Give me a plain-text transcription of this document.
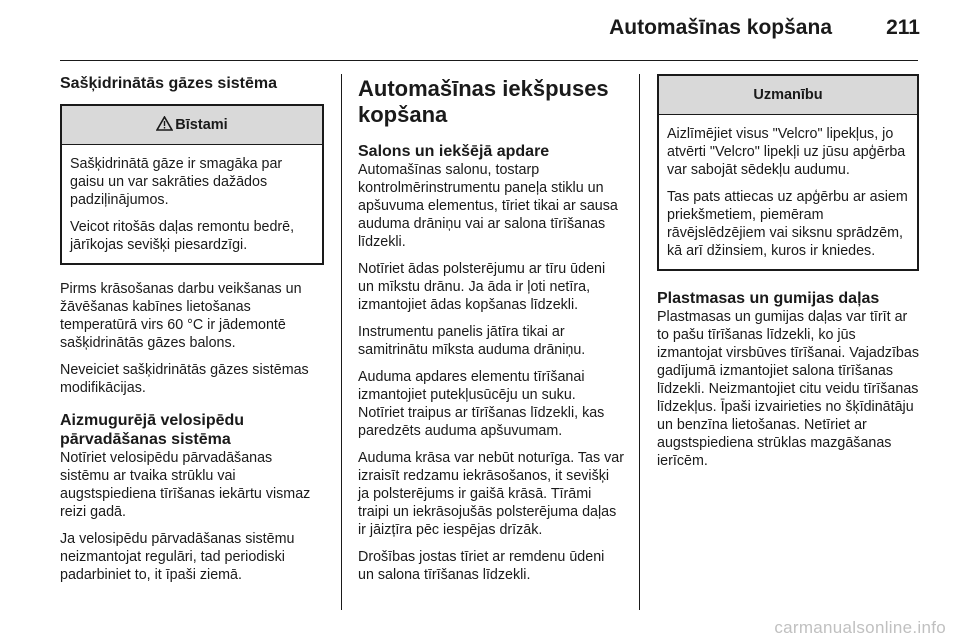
Automašīnas kopšana	211
Sašķidrinātās gāzes sistēma
Bīstami

Sašķidrinātā gāze ir smagāka par gaisu un var sakrāties dažādos padziļinājumos.

Veicot ritošās daļas remontu bedrē, jārīkojas sevišķi piesardzīgi.

Pirms krāsošanas darbu veikšanas un žāvēšanas kabīnes lietošanas temperatūrā virs 60 °C ir jādemontē sašķidrinātās gāzes balons.

Neveiciet sašķidrinātās gāzes sistēmas modifikācijas.

Aizmugurējā velosipēdu pārvadāšanas sistēma

Notīriet velosipēdu pārvadāšanas sistēmu ar tvaika strūklu vai augstspiediena tīrīšanas iekārtu vismaz reizi gadā.

Ja velosipēdu pārvadāšanas sistēmu neizmantojat regulāri, tad periodiski padarbiniet to, it īpaši ziemā.

Automašīnas iekšpuses kopšana
Salons un iekšējā apdare

Automašīnas salonu, tostarp kontrolmērinstrumentu paneļa stiklu un apšuvuma elementus, tīriet tikai ar sausa auduma drāniņu vai ar salona tīrīšanas līdzekli.

Notīriet ādas polsterējumu ar tīru ūdeni un mīkstu drānu. Ja āda ir ļoti netīra, izmantojiet ādas kopšanas līdzekli.

Instrumentu panelis jātīra tikai ar samitrinātu mīksta auduma drāniņu.

Auduma apdares elementu tīrīšanai izmantojiet putekļusūcēju un suku. Notīriet traipus ar tīrīšanas līdzekli, kas paredzēts auduma apšuvumam.

Auduma krāsa var nebūt noturīga. Tas var izraisīt redzamu iekrāsošanos, it sevišķi ja polsterējums ir gaišā krāsā. Tīrāmi traipi un iekrāsojušās polsterējuma daļas ir jāizțīra pēc iespējas drīzāk.

Drošības jostas tīriet ar remdenu ūdeni un salona tīrīšanas līdzekli.

Uzmanību

Aizlīmējiet visus "Velcro" lipekļus, jo atvērti "Velcro" lipekļi uz jūsu apģērba var sabojāt sēdekļu audumu.

Tas pats attiecas uz apģērbu ar asiem priekšmetiem, piemēram rāvējslēdzējiem vai siksnu sprādzēm, kā arī džinsiem, kuros ir kniedes.

Plastmasas un gumijas daļas

Plastmasas un gumijas daļas var tīrīt ar to pašu tīrīšanas līdzekli, ko jūs izmantojat virsbūves tīrīšanai. Vajadzības gadījumā izmantojiet salona tīrīšanas līdzekli. Neizmantojiet citu veidu tīrīšanas līdzekļus. Īpaši izvairieties no šķīdinātāju un benzīna lietošanas. Netīriet ar augstspiediena strūklas mazgāšanas ierīcēm.

carmanualsonline.info
